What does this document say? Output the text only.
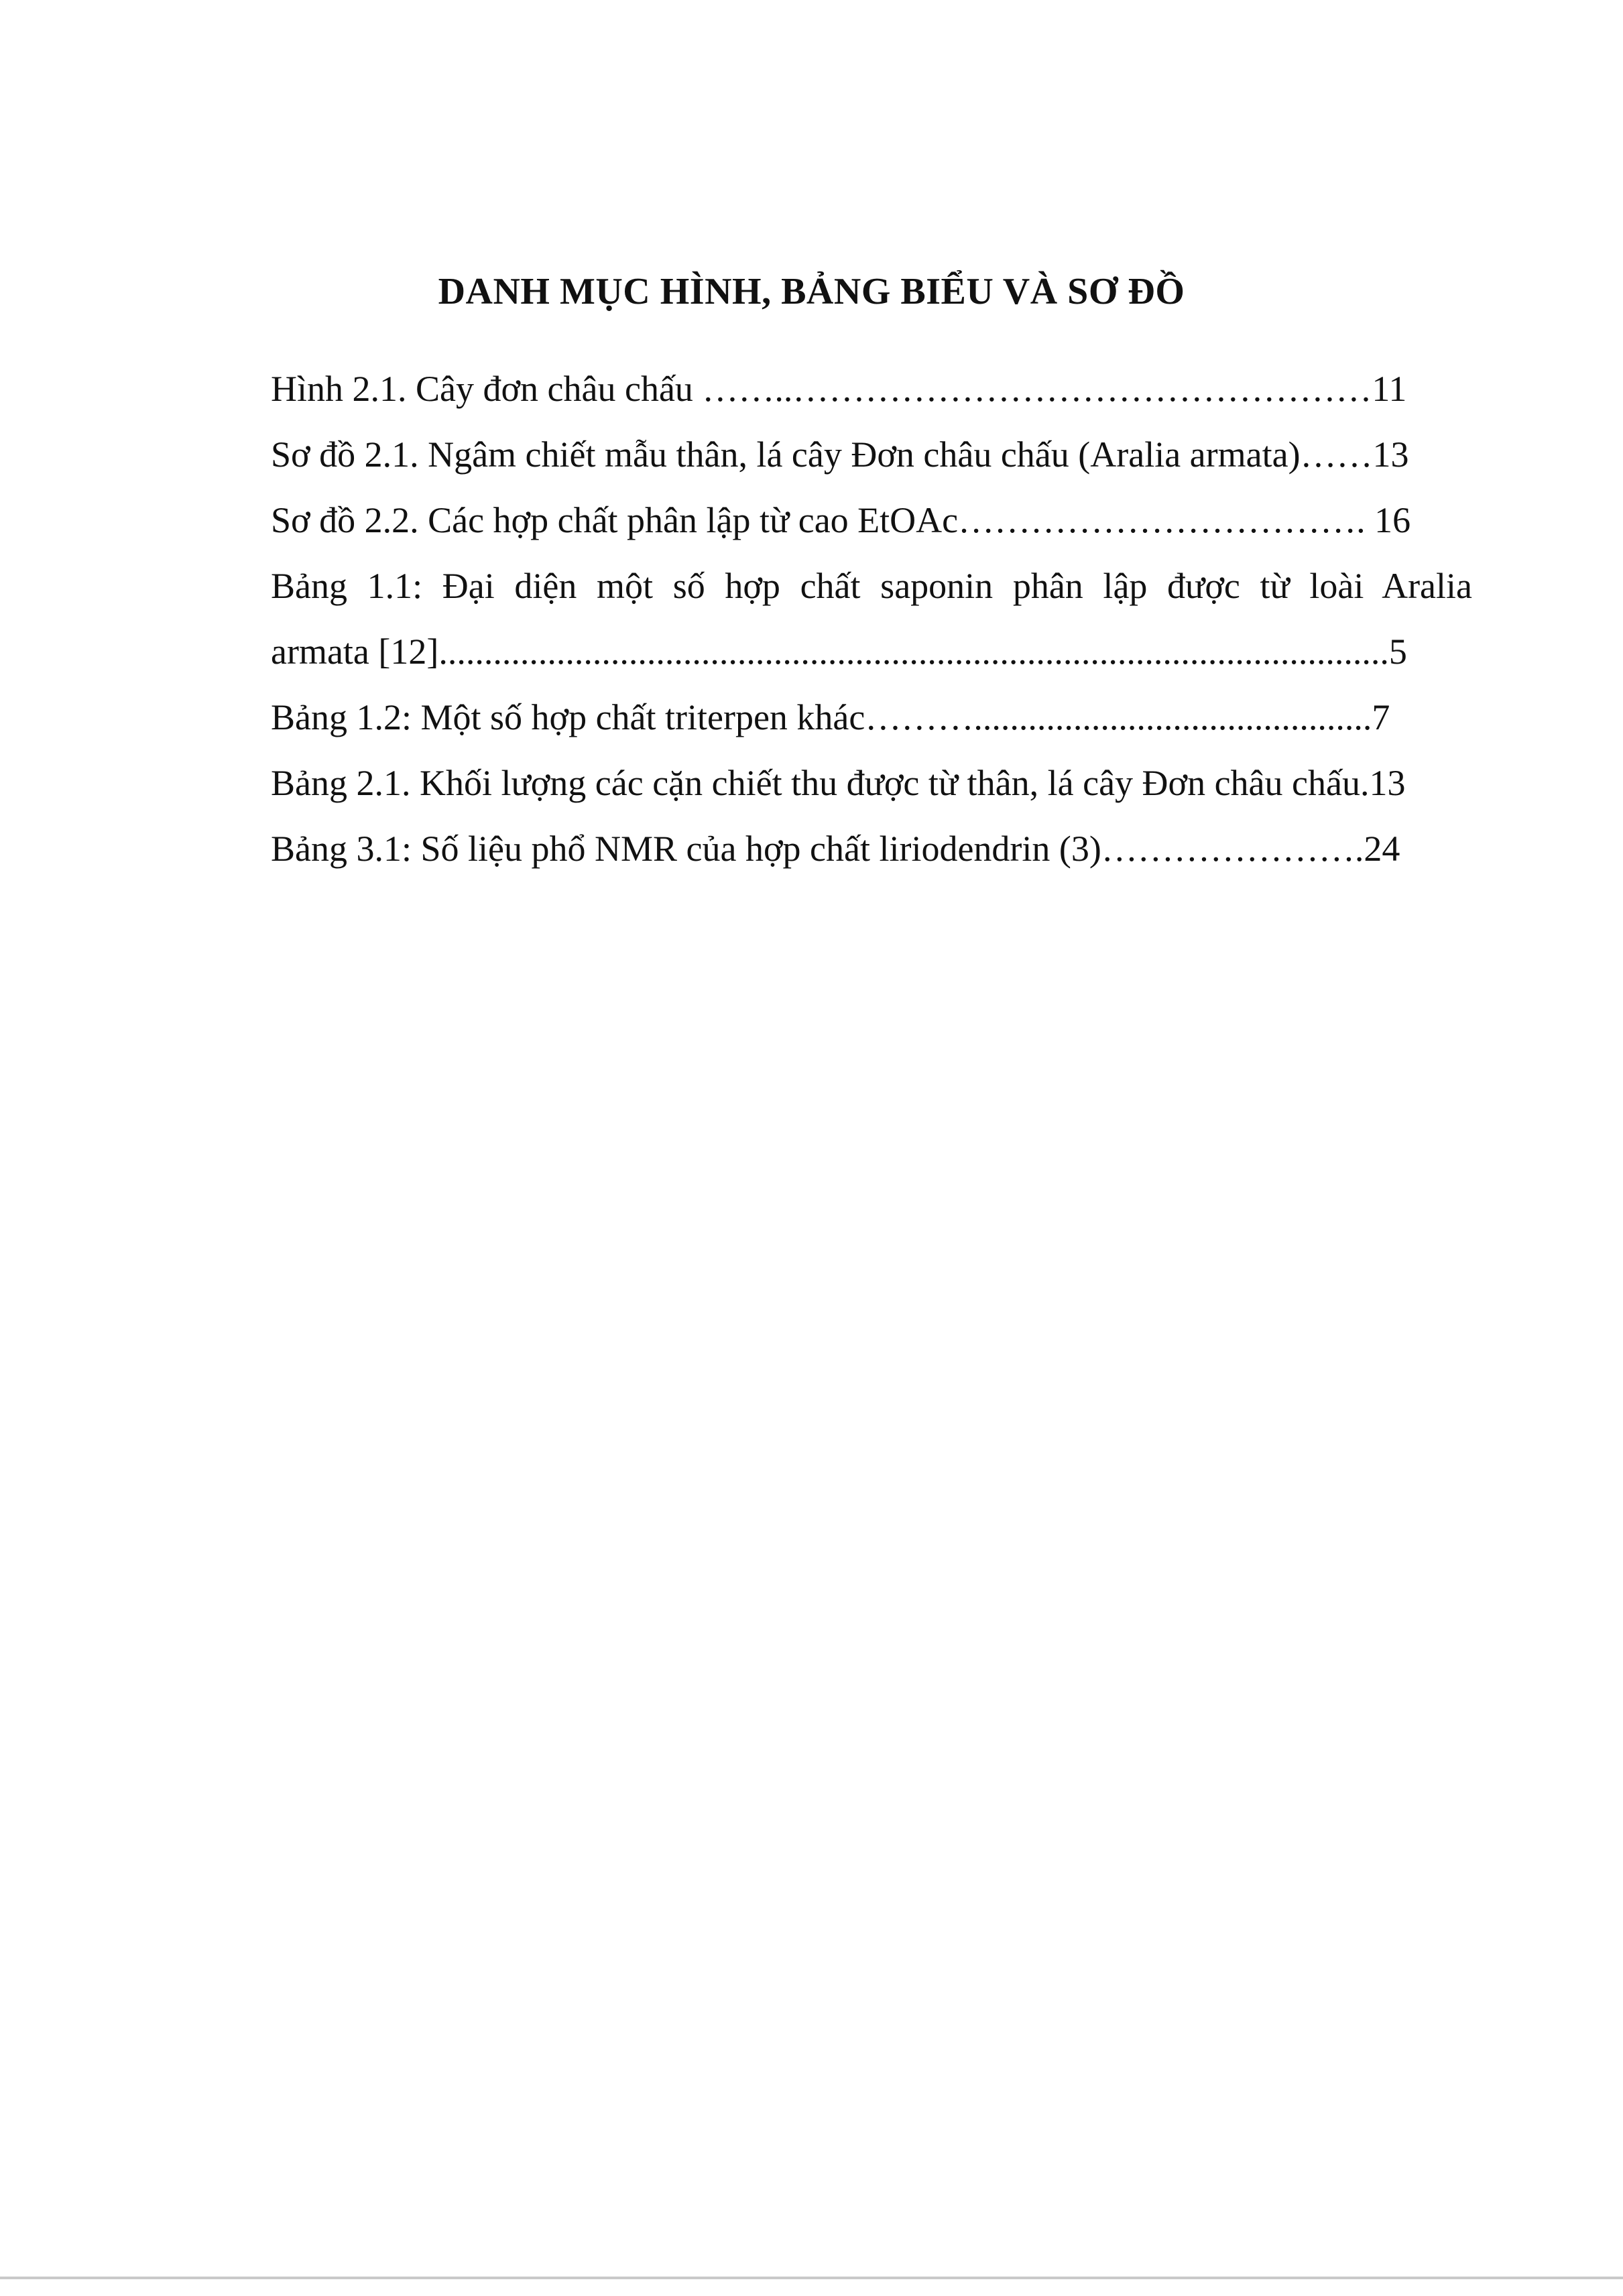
DANH MỤC HÌNH, BẢNG BIỂU VÀ SƠ ĐỒ
Hình 2.1. Cây đơn châu chấu ……..…………………………………………11
Sơ đồ 2.1. Ngâm chiết mẫu thân, lá cây Đơn châu chấu (Aralia armata)……13
Sơ đồ 2.2. Các hợp chất phân lập từ cao EtOAc……………………………. 16
Bảng 1.1: Đại diện một số hợp chất saponin phân lập được từ loài Aralia
armata [12].........................................................................................................5
Bảng 1.2: Một số hợp chất triterpen khác………............................................7
Bảng 2.1. Khối lượng các cặn chiết thu được từ thân, lá cây Đơn châu chấu.13
Bảng 3.1: Số liệu phổ NMR của hợp chất liriodendrin (3)………………….24
